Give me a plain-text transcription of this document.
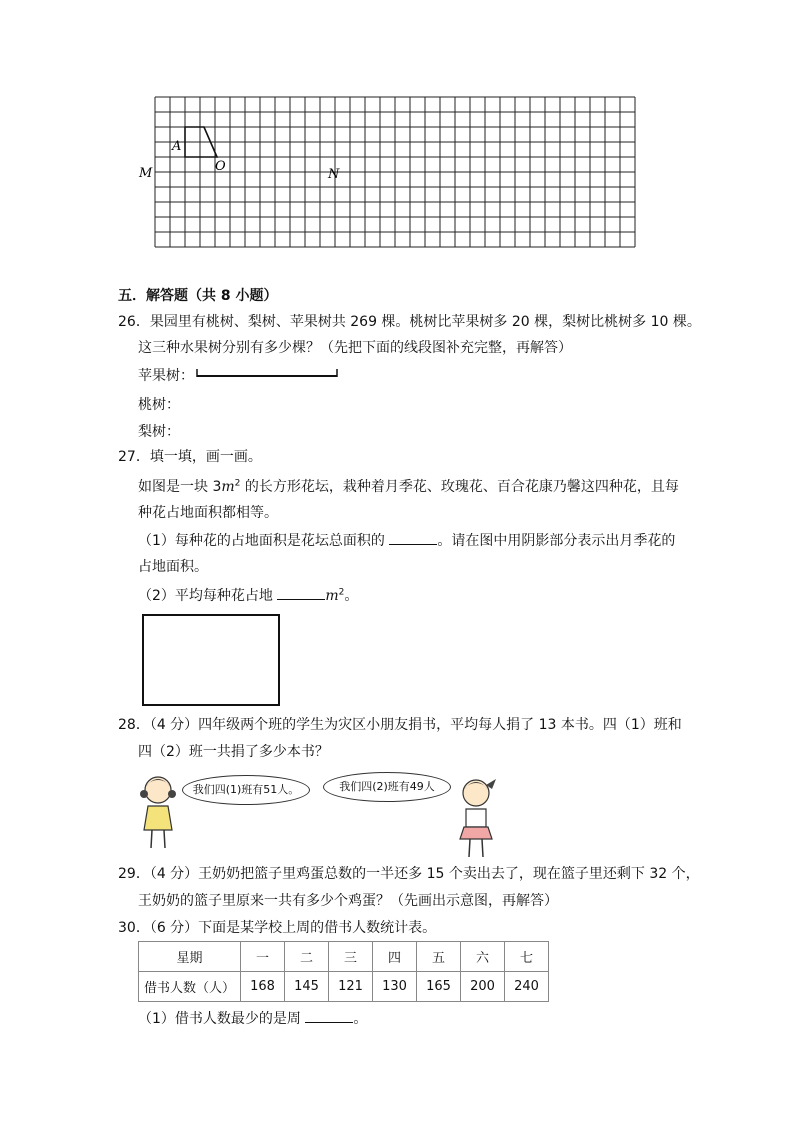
A
O
M	N
五．解答题（共 8 小题）
26．果园里有桃树、梨树、苹果树共 269 棵。桃树比苹果树多 20 棵，梨树比桃树多 10 棵。
这三种水果树分别有多少棵？（先把下面的线段图补充完整，再解答）
苹果树：
桃树：
梨树：
27．填一填，画一画。
如图是一块 $3m^2$ 的长方形花坛，栽种着月季花、玫瑰花、百合花康乃馨这四种花，且每
种花占地面积都相等。
（1）每种花的占地面积是花坛总面积的	。请在图中用阴影部分表示出月季花的
占地面积。
（2）平均每种花占地	$m^2$。
28．（4 分）四年级两个班的学生为灾区小朋友捐书，平均每人捐了 13 本书。四（1）班和
四（2）班一共捐了多少本书？
我们四(1)班有51人。	我们四(2)班有49人
29．（4 分）王奶奶把篮子里鸡蛋总数的一半还多 15 个卖出去了，现在篮子里还剩下 32 个，
王奶奶的篮子里原来一共有多少个鸡蛋？（先画出示意图，再解答）
30．（6 分）下面是某学校上周的借书人数统计表。
星期	一	二	三	四	五	六	七
借书人数（人）	168	145	121	130	165	200	240
（1）借书人数最少的是周	。
